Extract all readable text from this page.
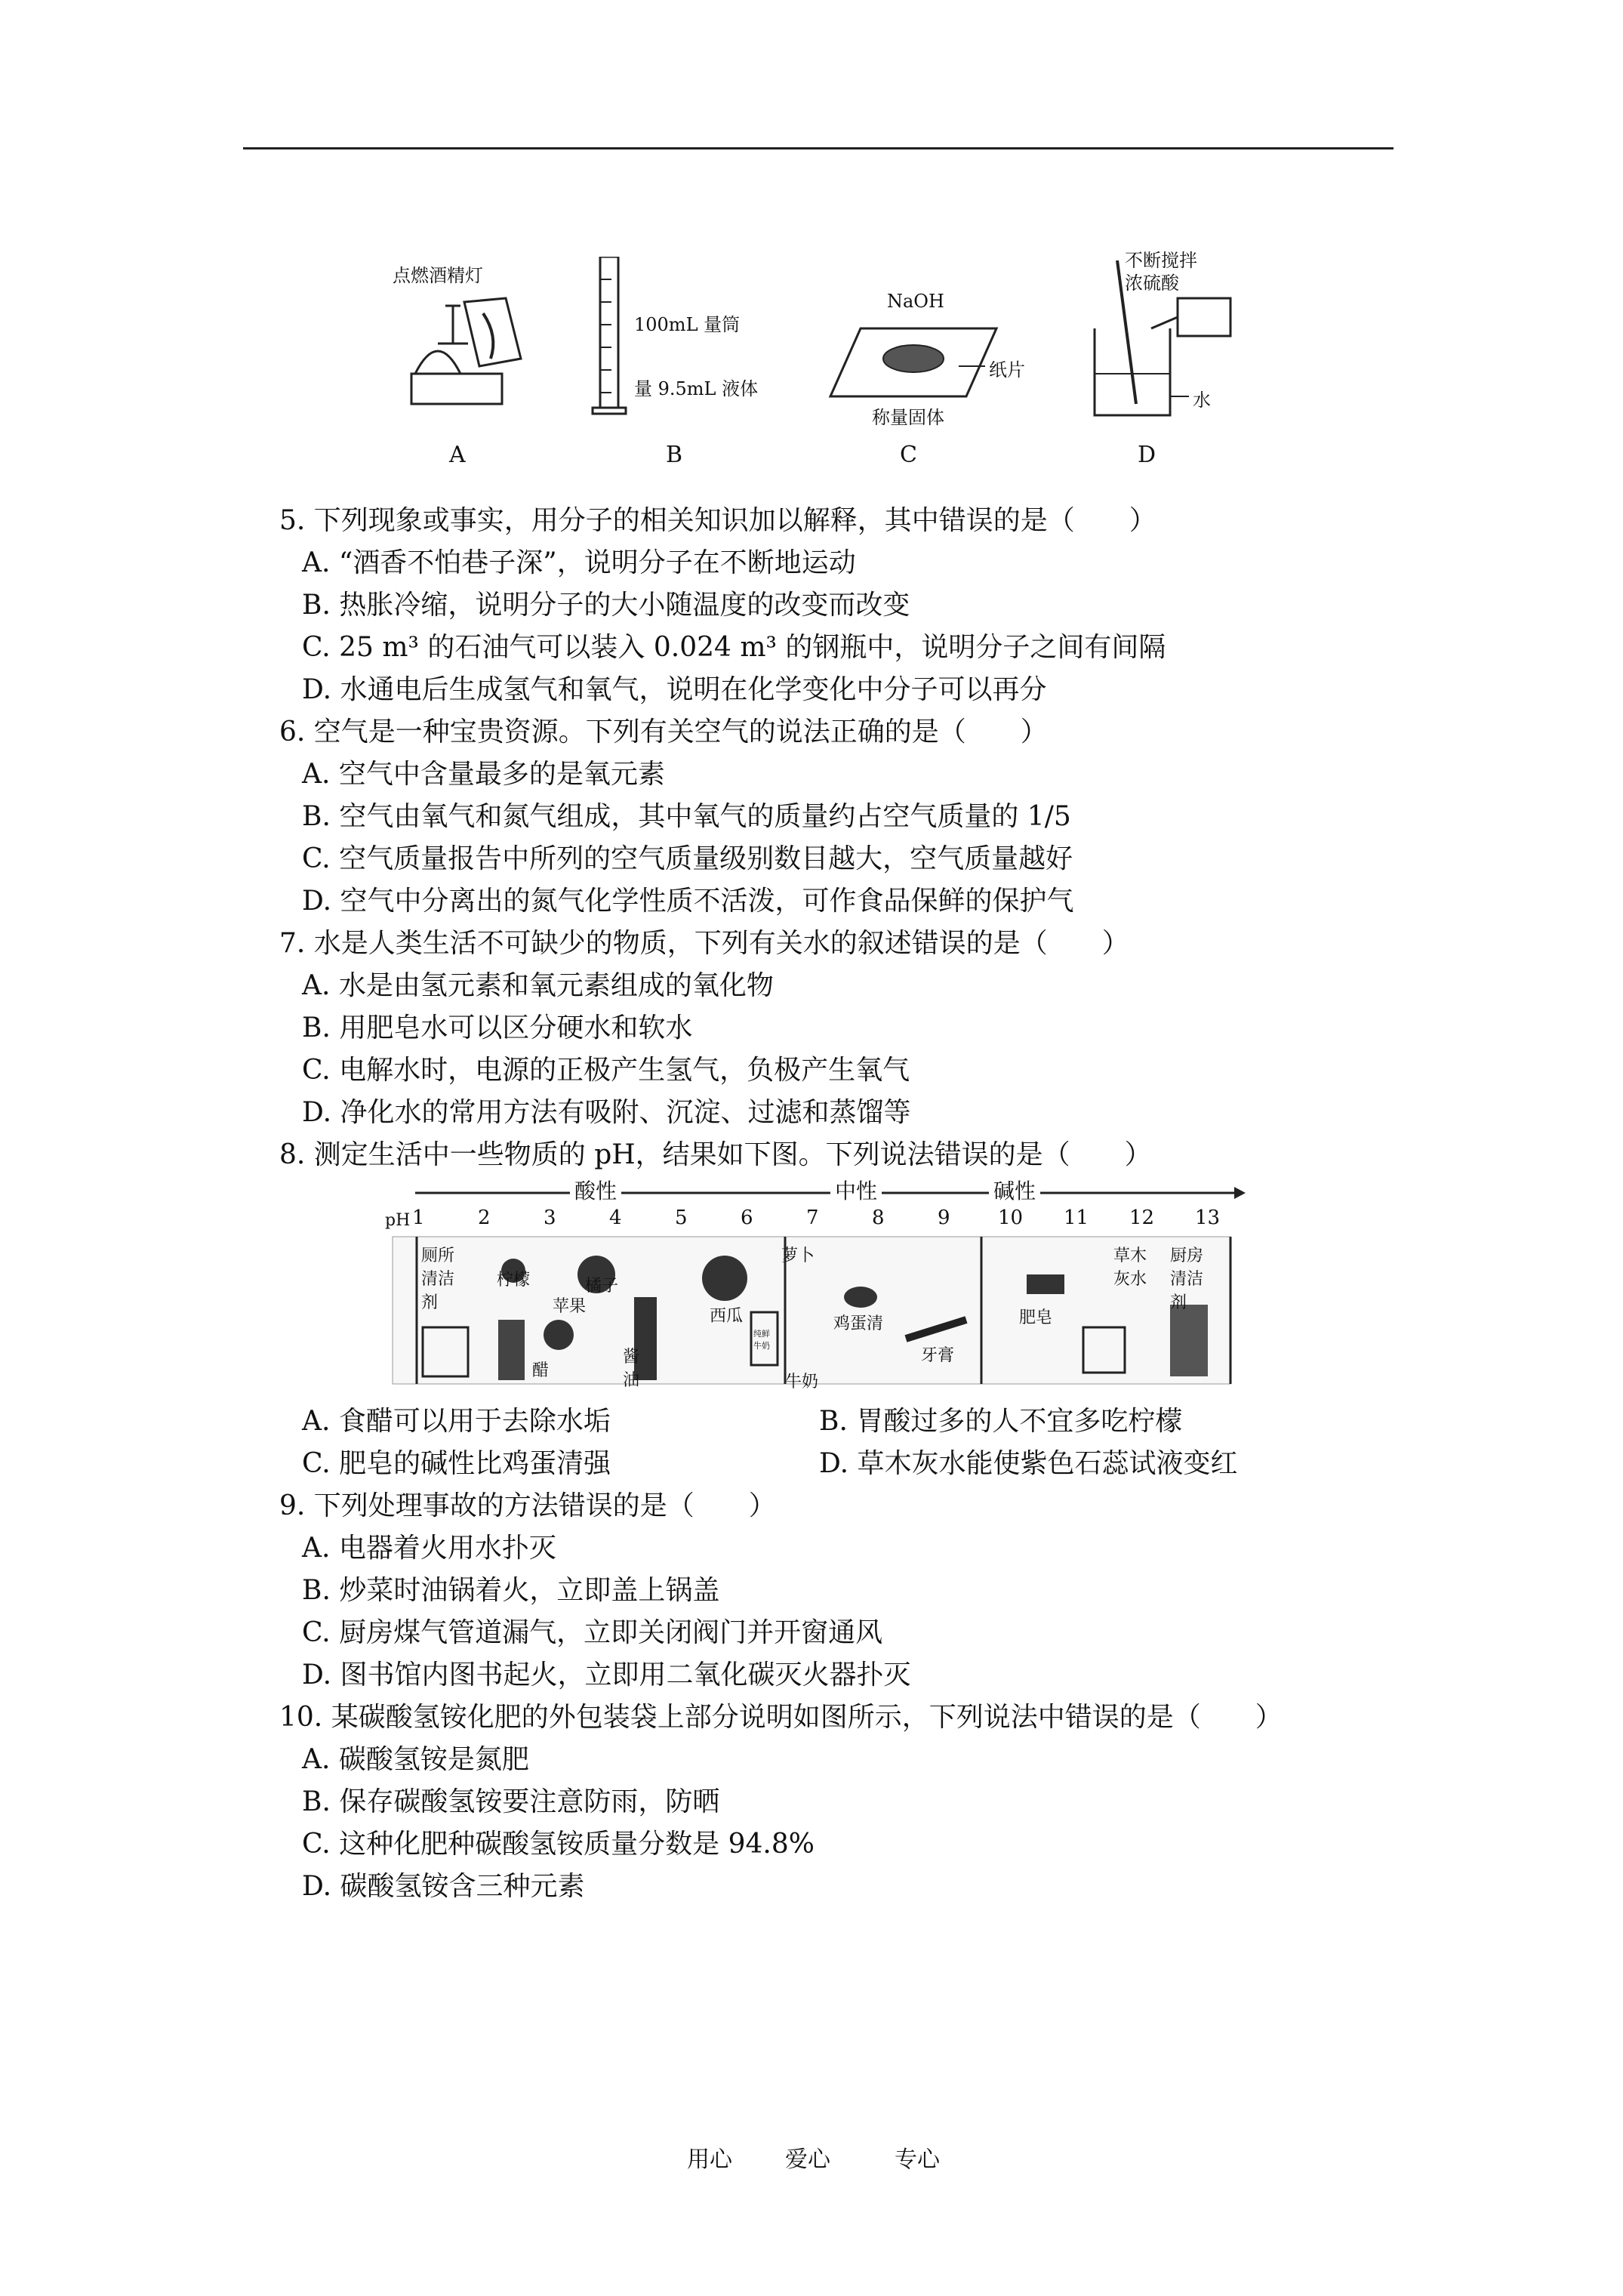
点燃酒精灯
A
100mL 量筒
量 9.5mL 液体
B
NaOH
纸片
称量固体
C
不断搅拌
浓硫酸
水
D
5. 下列现象或事实，用分子的相关知识加以解释，其中错误的是（　　）
A. “酒香不怕巷子深”，说明分子在不断地运动
B. 热胀冷缩，说明分子的大小随温度的改变而改变
C. 25 m³ 的石油气可以装入 0.024 m³ 的钢瓶中，说明分子之间有间隔
D. 水通电后生成氢气和氧气，说明在化学变化中分子可以再分
6. 空气是一种宝贵资源。下列有关空气的说法正确的是（　　）
A. 空气中含量最多的是氧元素
B. 空气由氧气和氮气组成，其中氧气的质量约占空气质量的 1/5
C. 空气质量报告中所列的空气质量级别数目越大，空气质量越好
D. 空气中分离出的氮气化学性质不活泼，可作食品保鲜的保护气
7. 水是人类生活不可缺少的物质，下列有关水的叙述错误的是（　　）
A. 水是由氢元素和氧元素组成的氧化物
B. 用肥皂水可以区分硬水和软水
C. 电解水时，电源的正极产生氢气，负极产生氧气
D. 净化水的常用方法有吸附、沉淀、过滤和蒸馏等
8. 测定生活中一些物质的 pH，结果如下图。下列说法错误的是（　　）
酸性	中性	碱性
pH 1	2	3	4	5	6	7	8	9 10 11 12 13
厕所清洁剂
柠檬
苹果
醋
橘子
酱油
西瓜
萝卜
牛奶
鸡蛋清
牙膏
肥皂
草木灰水
厨房清洁剂
纯鲜牛奶
A. 食醋可以用于去除水垢	B. 胃酸过多的人不宜多吃柠檬
C. 肥皂的碱性比鸡蛋清强	D. 草木灰水能使紫色石蕊试液变红
9. 下列处理事故的方法错误的是（　　）
A. 电器着火用水扑灭
B. 炒菜时油锅着火，立即盖上锅盖
C. 厨房煤气管道漏气，立即关闭阀门并开窗通风
D. 图书馆内图书起火，立即用二氧化碳灭火器扑灭
10. 某碳酸氢铵化肥的外包装袋上部分说明如图所示，下列说法中错误的是（　　）
A. 碳酸氢铵是氮肥
B. 保存碳酸氢铵要注意防雨，防晒
C. 这种化肥种碳酸氢铵质量分数是 94.8%
D. 碳酸氢铵含三种元素
用心 爱心	专心
